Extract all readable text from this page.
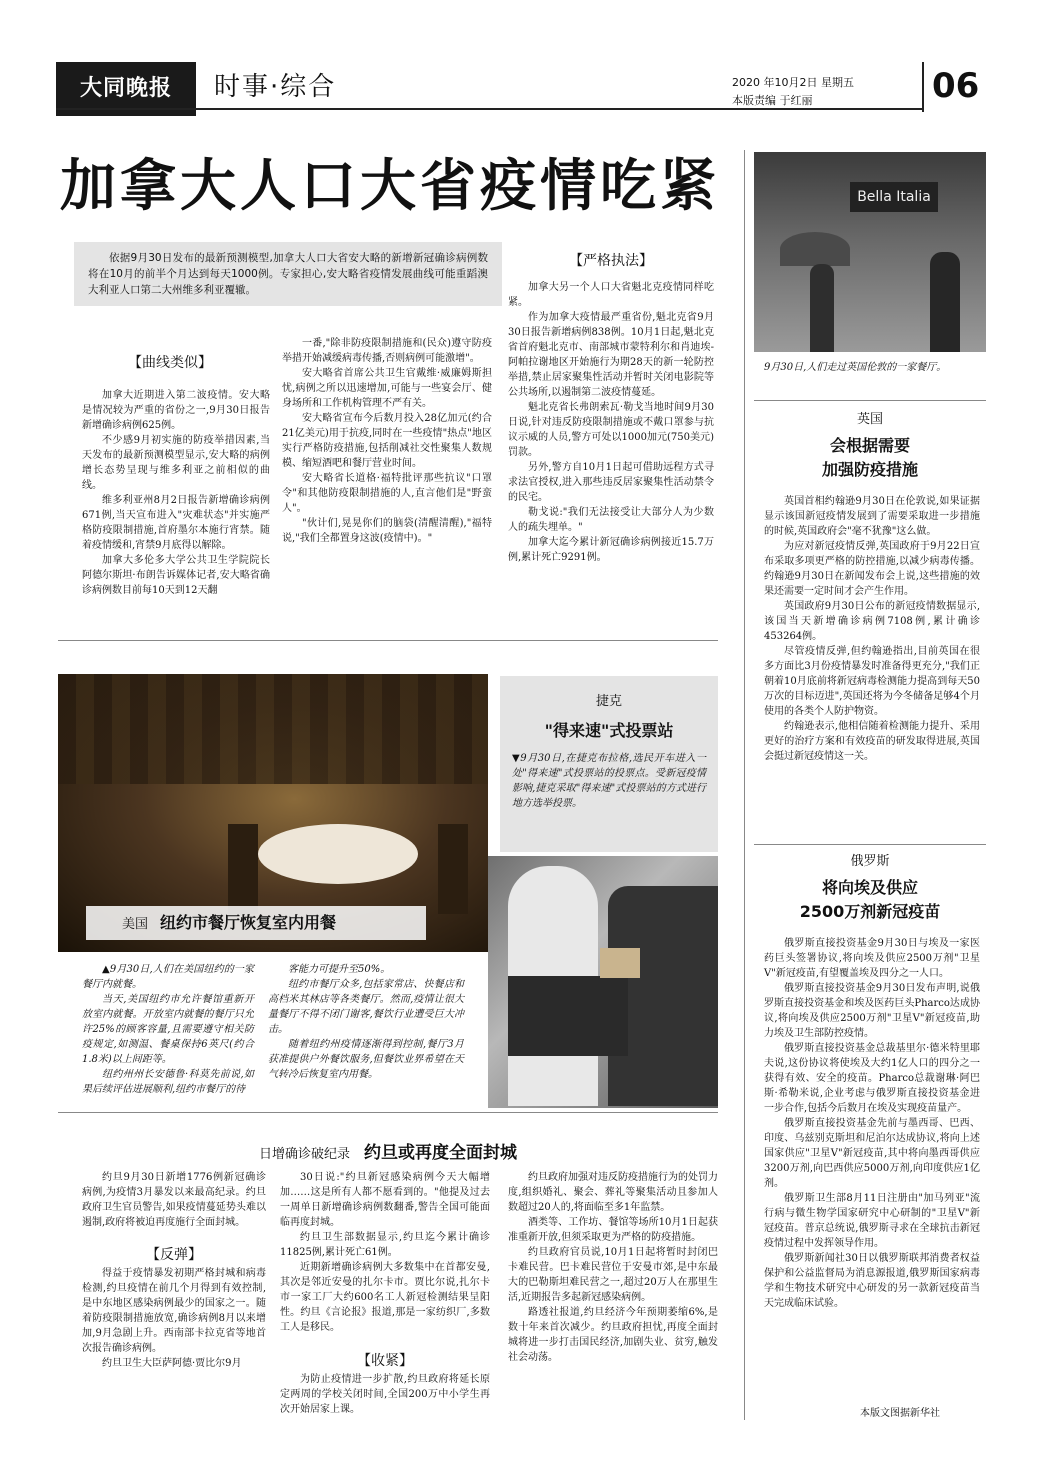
大同晚报	时事·综合	2020 年10月2日 星期五
本版责编 于红丽	06
加拿大人口大省疫情吃紧
依据9月30日发布的最新预测模型,加拿大人口大省安大略的新增新冠确诊病例数将在10月的前半个月达到每天1000例。专家担心,安大略省疫情发展曲线可能重蹈澳大利亚人口第二大州维多利亚覆辙。
【曲线类似】

加拿大近期进入第二波疫情。安大略是情况较为严重的省份之一,9月30日报告新增确诊病例625例。

不少感9月初实施的防疫举措因素,当天发布的最新预测模型显示,安大略的病例增长态势呈现与维多利亚之前相似的曲线。

维多利亚州8月2日报告新增确诊病例671例,当天宣布进入"灾难状态"并实施严格防疫限制措施,首府墨尔本施行宵禁。随着疫情缓和,宵禁9月底得以解除。

加拿大多伦多大学公共卫生学院院长阿德尔斯坦·布朗告诉媒体记者,安大略省确诊病例数目前每10天到12天翻

一番,"除非防疫限制措施和(民众)遵守防疫举措开始减缓病毒传播,否则病例可能激增"。

安大略省首席公共卫生官戴维·威廉姆斯担忧,病例之所以迅速增加,可能与一些宴会厅、健身场所和工作机构管理不严有关。

安大略省宣布今后数月投入28亿加元(约合21亿美元)用于抗疫,同时在一些疫情"热点"地区实行严格防疫措施,包括削减社交性聚集人数规模、缩短酒吧和餐厅营业时间。

安大略省长道格·福特批评那些抗议"口罩令"和其他防疫限制措施的人,直言他们是"野蛮人"。

"伙计们,晃晃你们的脑袋(清醒清醒),"福特说,"我们全都置身这波(疫情中)。"

【严格执法】

加拿大另一个人口大省魁北克疫情同样吃紧。

作为加拿大疫情最严重省份,魁北克省9月30日报告新增病例838例。10月1日起,魁北克省首府魁北克市、南部城市蒙特利尔和肖迪埃-阿帕拉谢地区开始施行为期28天的新一轮防控举措,禁止居家聚集性活动并暂时关闭电影院等公共场所,以遏制第二波疫情蔓延。

魁北克省长弗朗索瓦·勒戈当地时间9月30日说,针对违反防疫限制措施或不戴口罩参与抗议示威的人员,警方可处以1000加元(750美元)罚款。

另外,警方自10月1日起可借助远程方式寻求法官授权,进入那些违反居家聚集性活动禁令的民宅。

勒戈说:"我们无法接受让大部分人为少数人的疏失埋单。"

加拿大迄今累计新冠确诊病例接近15.7万例,累计死亡9291例。

Bella Italia
9月30日,人们走过英国伦敦的一家餐厅。
英国
会根据需要
加强防疫措施

英国首相约翰逊9月30日在伦敦说,如果证据显示该国新冠疫情发展到了需要采取进一步措施的时候,英国政府会"毫不犹豫"这么做。

为应对新冠疫情反弹,英国政府于9月22日宣布采取多项更严格的防控措施,以减少病毒传播。约翰逊9月30日在新闻发布会上说,这些措施的效果还需要一定时间才会产生作用。

英国政府9月30日公布的新冠疫情数据显示,该国当天新增确诊病例7108例,累计确诊453264例。

尽管疫情反弹,但约翰逊指出,目前英国在很多方面比3月份疫情暴发时准备得更充分,"我们正朝着10月底前将新冠病毒检测能力提高到每天50万次的目标迈进",英国还将为今冬储备足够4个月使用的各类个人防护物资。

约翰逊表示,他相信随着检测能力提升、采用更好的治疗方案和有效疫苗的研发取得进展,英国会挺过新冠疫情这一关。

俄罗斯
将向埃及供应
2500万剂新冠疫苗

俄罗斯直接投资基金9月30日与埃及一家医药巨头签署协议,将向埃及供应2500万剂"卫星V"新冠疫苗,有望覆盖埃及四分之一人口。

俄罗斯直接投资基金9月30日发布声明,说俄罗斯直接投资基金和埃及医药巨头Pharco达成协议,将向埃及供应2500万剂"卫星V"新冠疫苗,助力埃及卫生部防控疫情。

俄罗斯直接投资基金总裁基里尔·德米特里耶夫说,这份协议将使埃及大约1亿人口的四分之一获得有效、安全的疫苗。Pharco总裁谢琳·阿巴斯·希勒米说,企业考虑与俄罗斯直接投资基金进一步合作,包括今后数月在埃及实现疫苗量产。

俄罗斯直接投资基金先前与墨西哥、巴西、印度、乌兹别克斯坦和尼泊尔达成协议,将向上述国家供应"卫星V"新冠疫苗,其中将向墨西哥供应3200万剂,向巴西供应5000万剂,向印度供应1亿剂。

俄罗斯卫生部8月11日注册由"加马列亚"流行病与微生物学国家研究中心研制的"卫星V"新冠疫苗。普京总统说,俄罗斯寻求在全球抗击新冠疫情过程中发挥领导作用。

俄罗斯新闻社30日以俄罗斯联邦消费者权益保护和公益监督局为消息源报道,俄罗斯国家病毒学和生物技术研究中心研发的另一款新冠疫苗当天完成临床试验。

本版文图据新华社
美国 纽约市餐厅恢复室内用餐

▲9月30日,人们在美国纽约的一家餐厅内就餐。

当天,美国纽约市允许餐馆重新开放室内就餐。开放室内就餐的餐厅只允许25%的顾客容量,且需要遵守相关防疫规定,如测温、餐桌保持6英尺(约合1.8米)以上间距等。

纽约州州长安德鲁·科莫先前说,如果后续评估进展顺利,纽约市餐厅的待

客能力可提升至50%。

纽约市餐厅众多,包括家常店、快餐店和高档米其林店等各类餐厅。然而,疫情让很大量餐厅不得不闭门谢客,餐饮行业遭受巨大冲击。

随着纽约州疫情逐渐得到控制,餐厅3月获准提供户外餐饮服务,但餐饮业界希望在天气转冷后恢复室内用餐。

捷克
"得来速"式投票站
▼9月30日,在捷克布拉格,选民开车进入一处"得来速"式投票站的投票点。受新冠疫情影响,捷克采取"得来速"式投票站的方式进行地方选举投票。
日增确诊破纪录 约旦或再度全面封城

约旦9月30日新增1776例新冠确诊病例,为疫情3月暴发以来最高纪录。约旦政府卫生官员警告,如果疫情蔓延势头难以遏制,政府将被迫再度施行全面封城。

【反弹】

得益于疫情暴发初期严格封城和病毒检测,约旦疫情在前几个月得到有效控制,是中东地区感染病例最少的国家之一。随着防疫限制措施放宽,确诊病例8月以来增加,9月急剧上升。西南部卡拉克省等地首次报告确诊病例。

约旦卫生大臣萨阿德·贾比尔9月

30日说:"约旦新冠感染病例今天大幅增加……这是所有人都不愿看到的。"他提及过去一周单日新增确诊病例数翻番,警告全国可能面临再度封城。

约旦卫生部数据显示,约旦迄今累计确诊11825例,累计死亡61例。

近期新增确诊病例大多数集中在首都安曼,其次是邻近安曼的扎尔卡市。贾比尔说,扎尔卡市一家工厂大约600名工人新冠检测结果呈阳性。约旦《言论报》报道,那是一家纺织厂,多数工人是移民。

【收紧】

为防止疫情进一步扩散,约旦政府将延长原定两周的学校关闭时间,全国200万中小学生再次开始居家上课。

约旦政府加强对违反防疫措施行为的处罚力度,组织婚礼、聚会、葬礼等聚集活动且参加人数超过20人的,将面临至多1年监禁。

酒类等、工作坊、餐馆等场所10月1日起获准重新开放,但须采取更为严格的防疫措施。

约旦政府官员说,10月1日起将暂时封闭巴卡难民营。巴卡难民营位于安曼市郊,是中东最大的巴勒斯坦难民营之一,超过20万人在那里生活,近期报告多起新冠感染病例。

路透社报道,约旦经济今年预期萎缩6%,是数十年来首次减少。约旦政府担忧,再度全面封城将进一步打击国民经济,加剧失业、贫穷,触发社会动荡。
